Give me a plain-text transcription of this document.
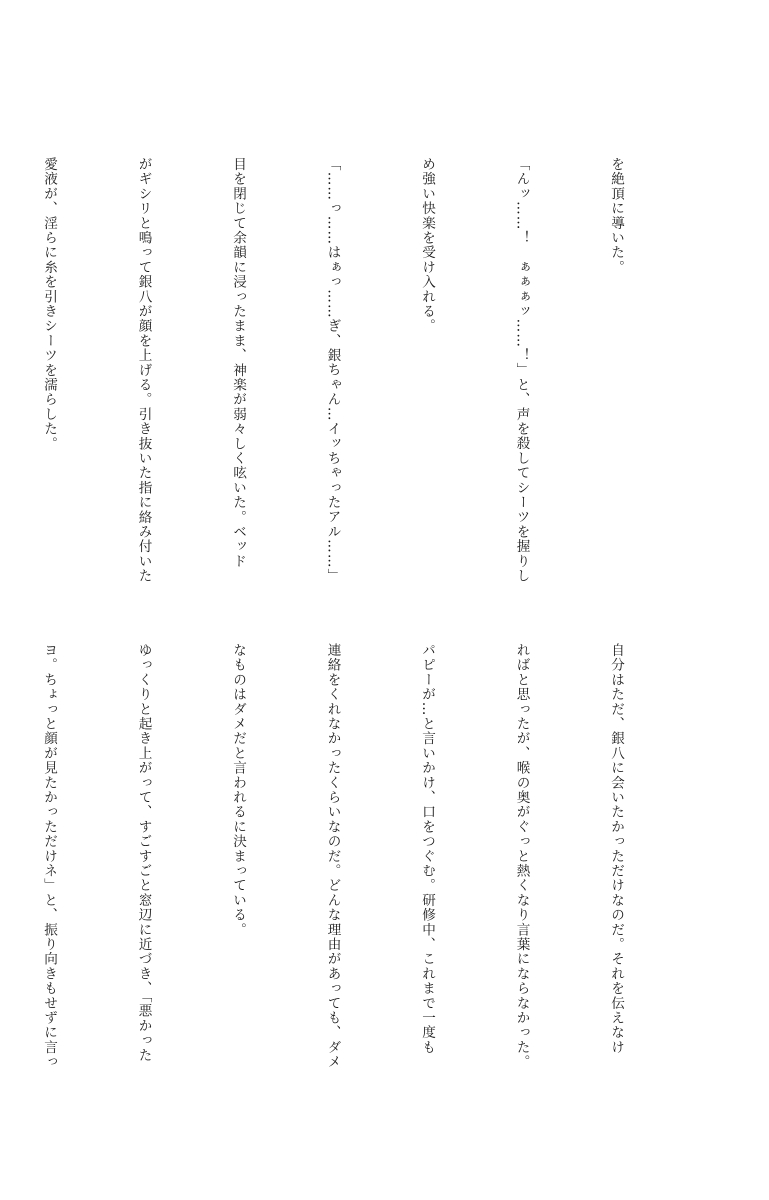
を絶頂に導いた。

「んッ……！　ぁぁぁッ……！」と、声を殺してシーツを握りし

め強い快楽を受け入れる。

「……っ……はぁっ……ぎ、銀ちゃん…イッちゃったアル……」

目を閉じて余韻に浸ったまま、神楽が弱々しく呟いた。ベッド

がギシリと鳴って銀八が顔を上げる。引き抜いた指に絡み付いた

愛液が、淫らに糸を引きシーツを濡らした。

自分はただ、銀八に会いたかっただけなのだ。それを伝えなけ

ればと思ったが、喉の奥がぐっと熱くなり言葉にならなかった。

パピーが…と言いかけ、口をつぐむ。研修中、これまで一度も

連絡をくれなかったくらいなのだ。どんな理由があっても、ダメ

なものはダメだと言われるに決まっている。

ゆっくりと起き上がって、すごすごと窓辺に近づき、「悪かった

ヨ。ちょっと顔が見たかっただけネ」と、振り向きもせずに言っ
